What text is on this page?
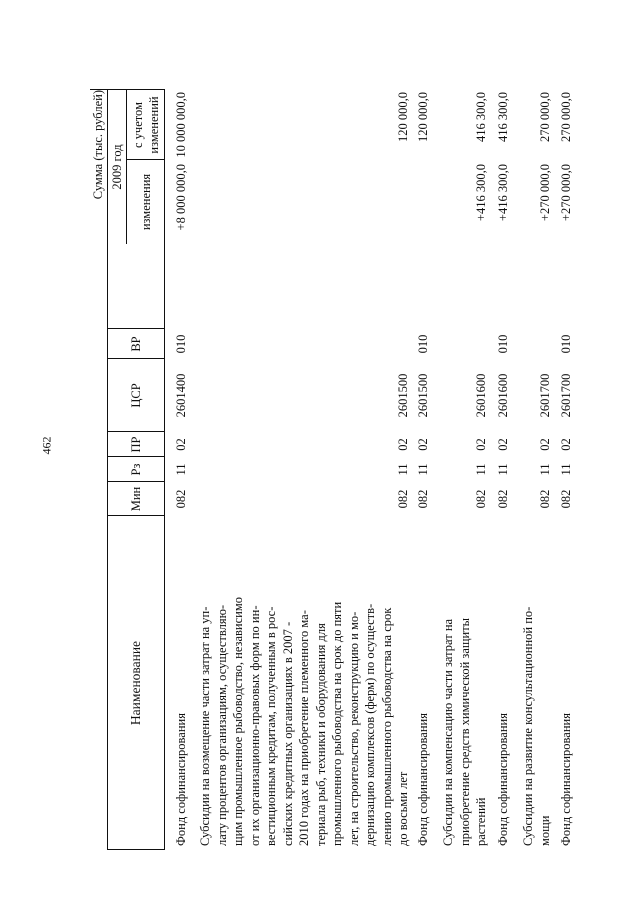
462
Сумма (тыс. рублей)
Наименование
Мин
Рз
ПР
ЦСР
ВР
2009 год
изменения
с учетом изменений
Фонд софинансирования
082
11
02
2601400
010
+8 000 000,0
10 000 000,0
Субсидии на возмещение части затрат на уп- лату процентов организациям, осуществляю- щим промышленное рыбоводство, независимо от их организационно-правовых форм по ин- вестиционным кредитам, полученным в рос- сийских кредитных организациях в 2007 - 2010 годах на приобретение племенного ма- териала рыб, техники и оборудования для промышленного рыбоводства на срок до пяти лет, на строительство, реконструкцию и мо- дернизацию комплексов (ферм) по осуществ- лению промышленного рыбоводства на срок до восьми лет
082
11
02
2601500
120 000,0
Фонд софинансирования
082
11
02
2601500
010
120 000,0
Субсидии на компенсацию части затрат на приобретение средств химической защиты растений
082
11
02
2601600
+416 300,0
416 300,0
Фонд софинансирования
082
11
02
2601600
010
+416 300,0
416 300,0
Субсидии на развитие консультационной по- мощи
082
11
02
2601700
+270 000,0
270 000,0
Фонд софинансирования
082
11
02
2601700
010
+270 000,0
270 000,0
